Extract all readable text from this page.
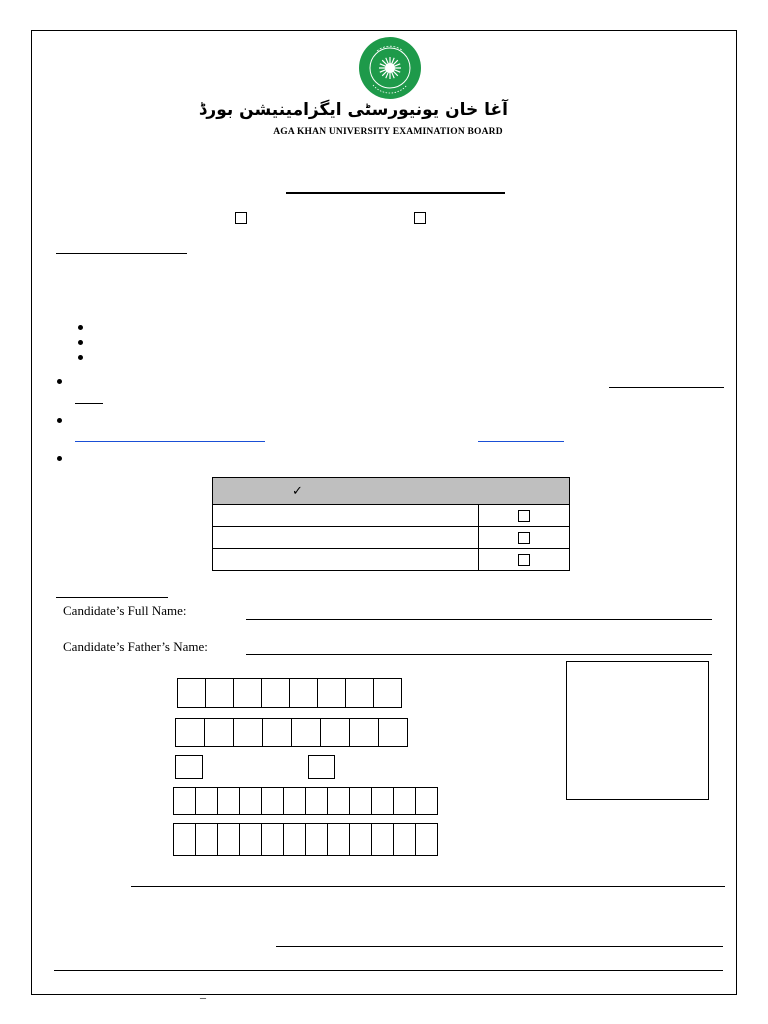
آغا خان یونیورسٹی ایگزامینیشن بورڈ
AGA KHAN UNIVERSITY EXAMINATION BOARD
✓	

Candidate’s Full Name:
Candidate’s Father’s Name:
–
